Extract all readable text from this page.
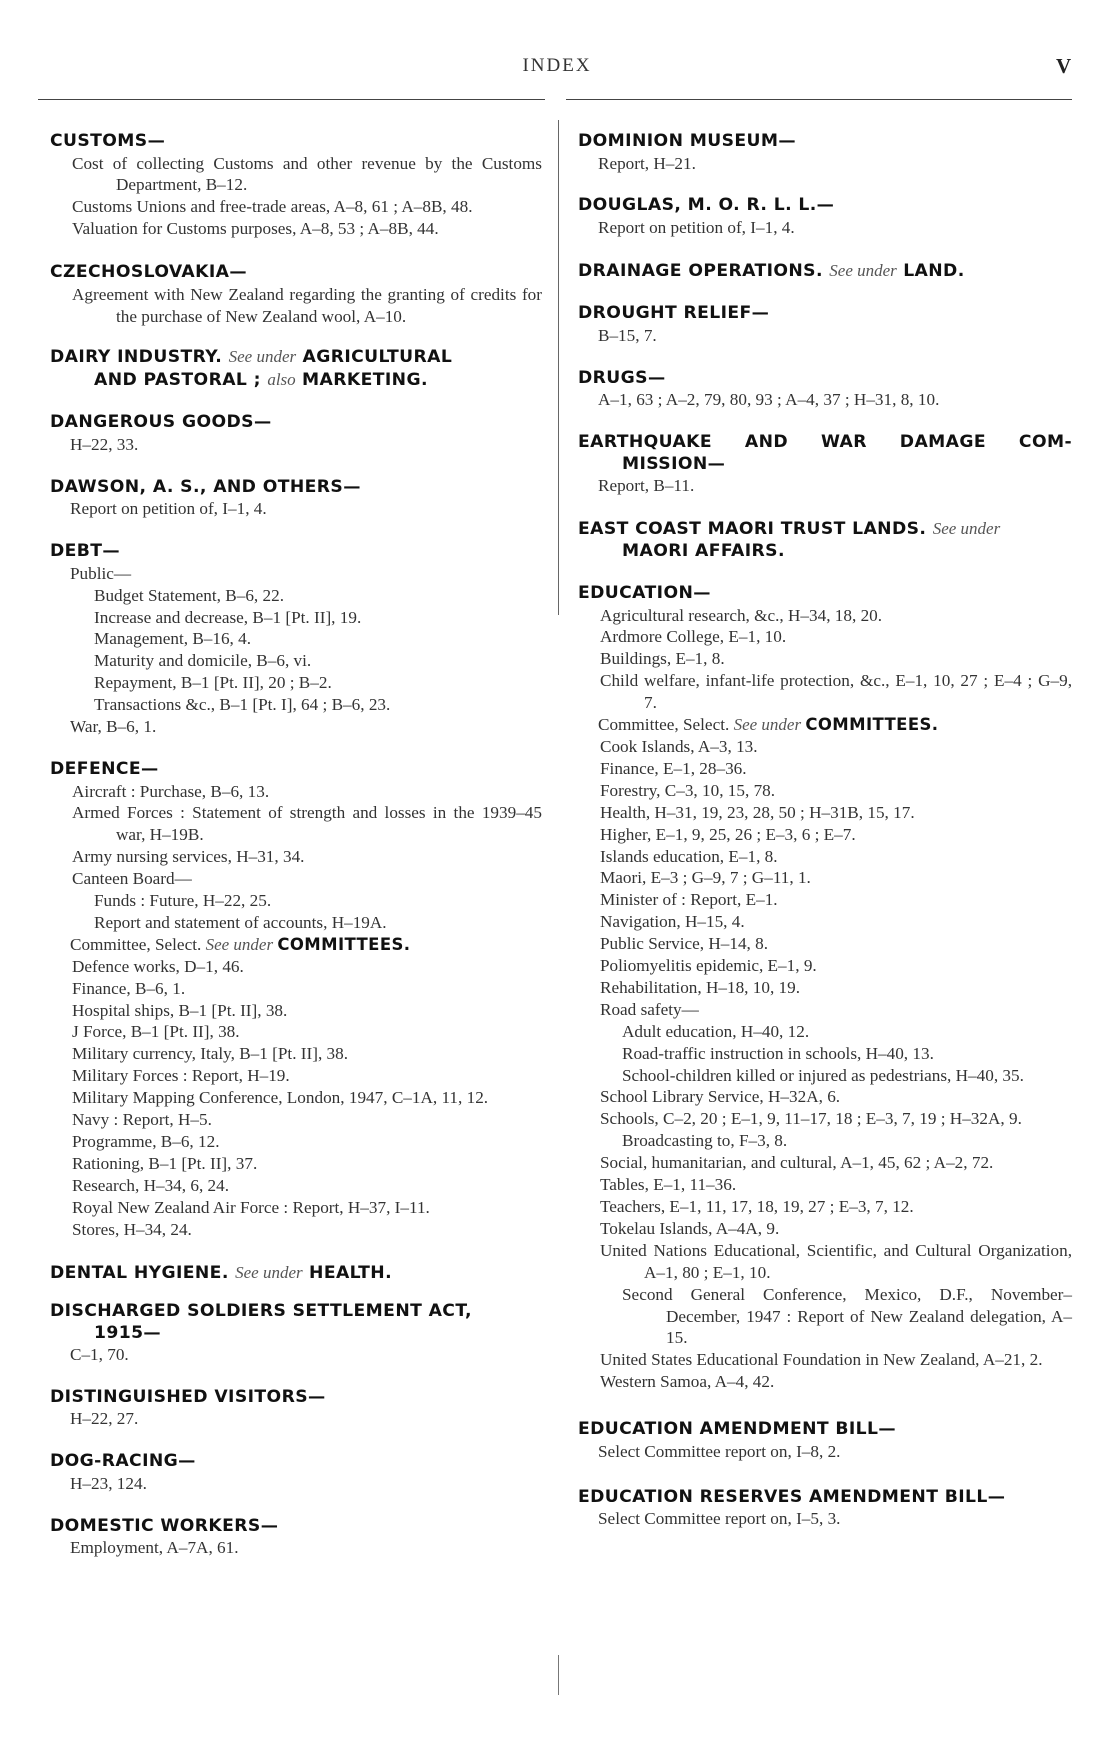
INDEX	V
CUSTOMS—
Cost of collecting Customs and other revenue by the Customs Department, B–12.
Customs Unions and free-trade areas, A–8, 61 ; A–8B, 48.
Valuation for Customs purposes, A–8, 53 ; A–8B, 44.
CZECHOSLOVAKIA—
Agreement with New Zealand regarding the granting of credits for the purchase of New Zealand wool, A–10.
DAIRY INDUSTRY. See under AGRICULTURAL
AND PASTORAL ; also MARKETING.
DANGEROUS GOODS—
H–22, 33.
DAWSON, A. S., AND OTHERS—
Report on petition of, I–1, 4.
DEBT—
Public—
Budget Statement, B–6, 22.
Increase and decrease, B–1 [Pt. II], 19.
Management, B–16, 4.
Maturity and domicile, B–6, vi.
Repayment, B–1 [Pt. II], 20 ; B–2.
Transactions &c., B–1 [Pt. I], 64 ; B–6, 23.
War, B–6, 1.
DEFENCE—
Aircraft : Purchase, B–6, 13.
Armed Forces : Statement of strength and losses in the 1939–45 war, H–19B.
Army nursing services, H–31, 34.
Canteen Board—
Funds : Future, H–22, 25.
Report and statement of accounts, H–19A.
Committee, Select. See under COMMITTEES.
Defence works, D–1, 46.
Finance, B–6, 1.
Hospital ships, B–1 [Pt. II], 38.
J Force, B–1 [Pt. II], 38.
Military currency, Italy, B–1 [Pt. II], 38.
Military Forces : Report, H–19.
Military Mapping Conference, London, 1947, C–1A, 11, 12.
Navy : Report, H–5.
Programme, B–6, 12.
Rationing, B–1 [Pt. II], 37.
Research, H–34, 6, 24.
Royal New Zealand Air Force : Report, H–37, I–11.
Stores, H–34, 24.
DENTAL HYGIENE. See under HEALTH.
DISCHARGED SOLDIERS SETTLEMENT ACT,
1915—
C–1, 70.
DISTINGUISHED VISITORS—
H–22, 27.
DOG-RACING—
H–23, 124.
DOMESTIC WORKERS—
Employment, A–7A, 61.
DOMINION MUSEUM—
Report, H–21.
DOUGLAS, M. O. R. L. L.—
Report on petition of, I–1, 4.
DRAINAGE OPERATIONS. See under LAND.
DROUGHT RELIEF—
B–15, 7.
DRUGS—
A–1, 63 ; A–2, 79, 80, 93 ; A–4, 37 ; H–31, 8, 10.
EARTHQUAKE AND WAR DAMAGE COM-
MISSION—
Report, B–11.
EAST COAST MAORI TRUST LANDS. See under
MAORI AFFAIRS.
EDUCATION—
Agricultural research, &c., H–34, 18, 20.
Ardmore College, E–1, 10.
Buildings, E–1, 8.
Child welfare, infant-life protection, &c., E–1, 10, 27 ; E–4 ; G–9, 7.
Committee, Select. See under COMMITTEES.
Cook Islands, A–3, 13.
Finance, E–1, 28–36.
Forestry, C–3, 10, 15, 78.
Health, H–31, 19, 23, 28, 50 ; H–31B, 15, 17.
Higher, E–1, 9, 25, 26 ; E–3, 6 ; E–7.
Islands education, E–1, 8.
Maori, E–3 ; G–9, 7 ; G–11, 1.
Minister of : Report, E–1.
Navigation, H–15, 4.
Public Service, H–14, 8.
Poliomyelitis epidemic, E–1, 9.
Rehabilitation, H–18, 10, 19.
Road safety—
Adult education, H–40, 12.
Road-traffic instruction in schools, H–40, 13.
School-children killed or injured as pedestrians, H–40, 35.
School Library Service, H–32A, 6.
Schools, C–2, 20 ; E–1, 9, 11–17, 18 ; E–3, 7, 19 ; H–32A, 9.
Broadcasting to, F–3, 8.
Social, humanitarian, and cultural, A–1, 45, 62 ; A–2, 72.
Tables, E–1, 11–36.
Teachers, E–1, 11, 17, 18, 19, 27 ; E–3, 7, 12.
Tokelau Islands, A–4A, 9.
United Nations Educational, Scientific, and Cultural Organization, A–1, 80 ; E–1, 10.
Second General Conference, Mexico, D.F., November–December, 1947 : Report of New Zealand delegation, A–15.
United States Educational Foundation in New Zealand, A–21, 2.
Western Samoa, A–4, 42.
EDUCATION AMENDMENT BILL—
Select Committee report on, I–8, 2.
EDUCATION RESERVES AMENDMENT BILL—
Select Committee report on, I–5, 3.
